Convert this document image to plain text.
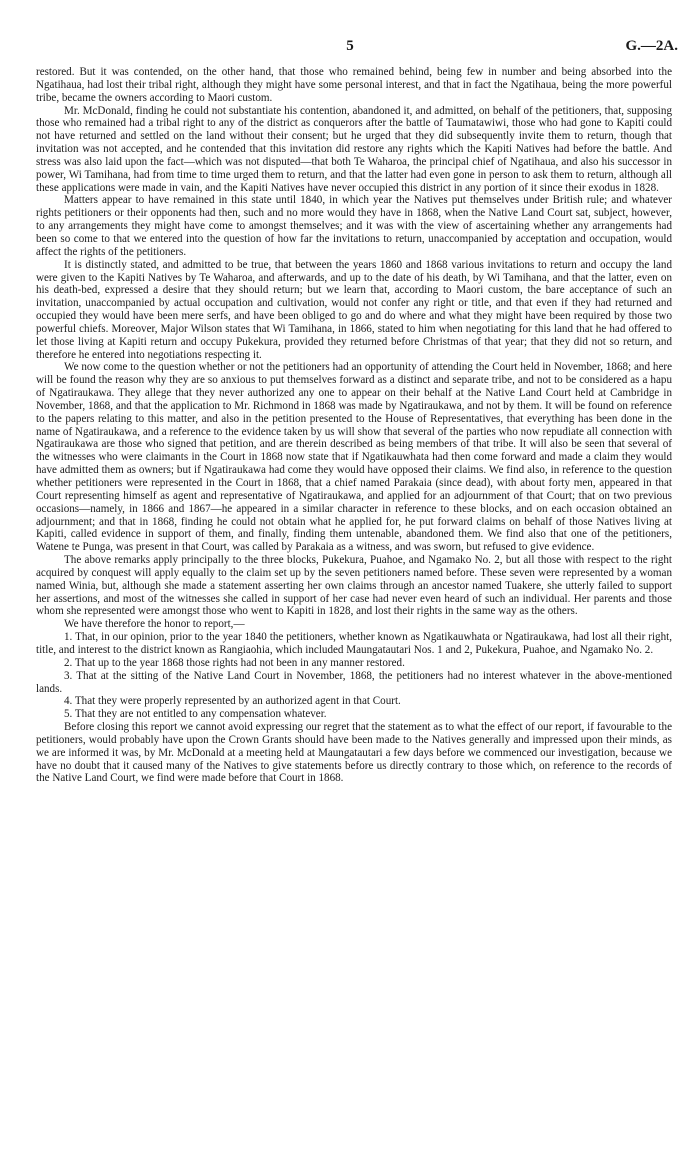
5	G.—2A.

restored. But it was contended, on the other hand, that those who remained behind, being few in number and being absorbed into the Ngatihaua, had lost their tribal right, although they might have some personal interest, and that in fact the Ngatihaua, being the more powerful tribe, became the owners according to Maori custom.

Mr. McDonald, finding he could not substantiate his contention, abandoned it, and admitted, on behalf of the petitioners, that, supposing those who remained had a tribal right to any of the district as conquerors after the battle of Taumatawiwi, those who had gone to Kapiti could not have returned and settled on the land without their consent; but he urged that they did subsequently invite them to return, though that invitation was not accepted, and he contended that this invitation did restore any rights which the Kapiti Natives had before the battle. And stress was also laid upon the fact—which was not disputed—that both Te Waharoa, the principal chief of Ngatihaua, and also his successor in power, Wi Tamihana, had from time to time urged them to return, and that the latter had even gone in person to ask them to return, although all these applications were made in vain, and the Kapiti Natives have never occupied this district in any portion of it since their exodus in 1828.

Matters appear to have remained in this state until 1840, in which year the Natives put themselves under British rule; and whatever rights petitioners or their opponents had then, such and no more would they have in 1868, when the Native Land Court sat, subject, however, to any arrangements they might have come to amongst themselves; and it was with the view of ascertaining whether any arrangements had been so come to that we entered into the question of how far the invitations to return, unaccompanied by acceptation and occupation, would affect the rights of the petitioners.

It is distinctly stated, and admitted to be true, that between the years 1860 and 1868 various invitations to return and occupy the land were given to the Kapiti Natives by Te Waharoa, and afterwards, and up to the date of his death, by Wi Tamihana, and that the latter, even on his death-bed, expressed a desire that they should return; but we learn that, according to Maori custom, the bare acceptance of such an invitation, unaccompanied by actual occupation and cultivation, would not confer any right or title, and that even if they had returned and occupied they would have been mere serfs, and have been obliged to go and do where and what they might have been required by those two powerful chiefs. Moreover, Major Wilson states that Wi Tamihana, in 1866, stated to him when negotiating for this land that he had offered to let those living at Kapiti return and occupy Pukekura, provided they returned before Christmas of that year; that they did not so return, and therefore he entered into negotiations respecting it.

We now come to the question whether or not the petitioners had an opportunity of attending the Court held in November, 1868; and here will be found the reason why they are so anxious to put themselves forward as a distinct and separate tribe, and not to be considered as a hapu of Ngatiraukawa. They allege that they never authorized any one to appear on their behalf at the Native Land Court held at Cambridge in November, 1868, and that the application to Mr. Richmond in 1868 was made by Ngatiraukawa, and not by them. It will be found on reference to the papers relating to this matter, and also in the petition presented to the House of Representatives, that everything has been done in the name of Ngatiraukawa, and a reference to the evidence taken by us will show that several of the parties who now repudiate all connection with Ngatiraukawa are those who signed that petition, and are therein described as being members of that tribe. It will also be seen that several of the witnesses who were claimants in the Court in 1868 now state that if Ngatikauwhata had then come forward and made a claim they would have admitted them as owners; but if Ngatiraukawa had come they would have opposed their claims. We find also, in reference to the question whether petitioners were represented in the Court in 1868, that a chief named Parakaia (since dead), with about forty men, appeared in that Court representing himself as agent and representative of Ngatiraukawa, and applied for an adjournment of that Court; that on two previous occasions—namely, in 1866 and 1867—he appeared in a similar character in reference to these blocks, and on each occasion obtained an adjournment; and that in 1868, finding he could not obtain what he applied for, he put forward claims on behalf of those Natives living at Kapiti, called evidence in support of them, and finally, finding them untenable, abandoned them. We find also that one of the petitioners, Watene te Punga, was present in that Court, was called by Parakaia as a witness, and was sworn, but refused to give evidence.

The above remarks apply principally to the three blocks, Pukekura, Puahoe, and Ngamako No. 2, but all those with respect to the right acquired by conquest will apply equally to the claim set up by the seven petitioners named before. These seven were represented by a woman named Winia, but, although she made a statement asserting her own claims through an ancestor named Tuakere, she utterly failed to support her assertions, and most of the witnesses she called in support of her case had never even heard of such an individual. Her parents and those whom she represented were amongst those who went to Kapiti in 1828, and lost their rights in the same way as the others.

We have therefore the honor to report,—

1. That, in our opinion, prior to the year 1840 the petitioners, whether known as Ngatikauwhata or Ngatiraukawa, had lost all their right, title, and interest to the district known as Rangiaohia, which included Maungatautari Nos. 1 and 2, Pukekura, Puahoe, and Ngamako No. 2.

2. That up to the year 1868 those rights had not been in any manner restored.

3. That at the sitting of the Native Land Court in November, 1868, the petitioners had no interest whatever in the above-mentioned lands.

4. That they were properly represented by an authorized agent in that Court.

5. That they are not entitled to any compensation whatever.

Before closing this report we cannot avoid expressing our regret that the statement as to what the effect of our report, if favourable to the petitioners, would probably have upon the Crown Grants should have been made to the Natives generally and impressed upon their minds, as we are informed it was, by Mr. McDonald at a meeting held at Maungatautari a few days before we commenced our investigation, because we have no doubt that it caused many of the Natives to give statements before us directly contrary to those which, on reference to the records of the Native Land Court, we find were made before that Court in 1868.
